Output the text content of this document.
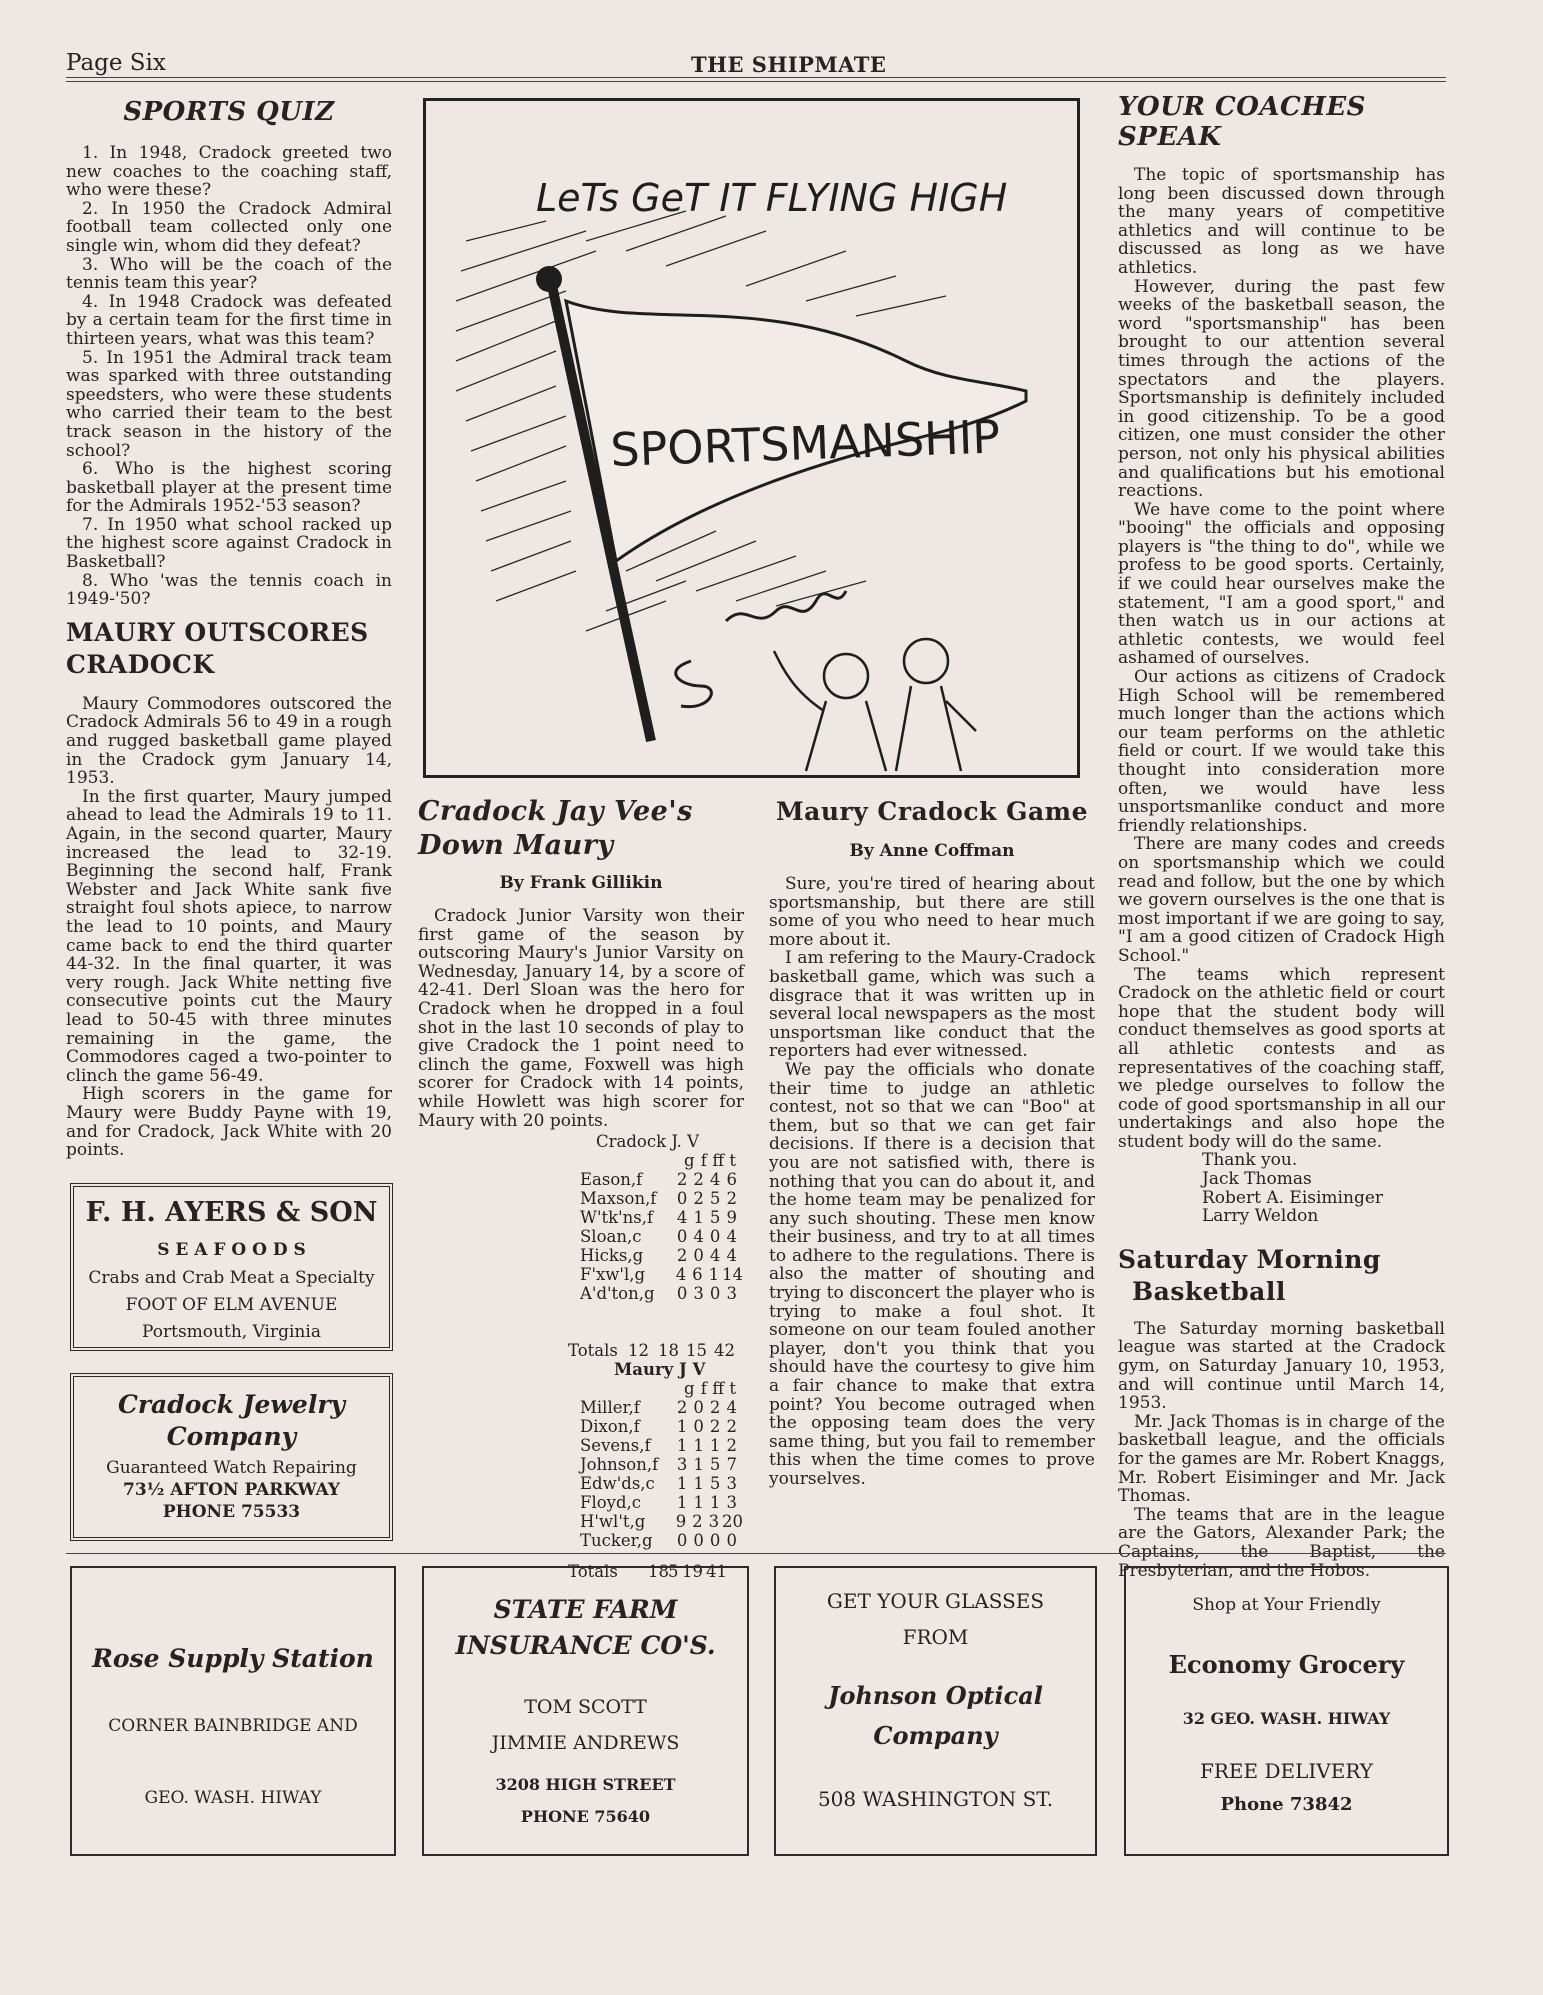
Page Six	THE SHIPMATE
SPORTS QUIZ

1. In 1948, Cradock greeted two new coaches to the coaching staff, who were these?

2. In 1950 the Cradock Admiral football team collected only one single win, whom did they defeat?

3. Who will be the coach of the tennis team this year?

4. In 1948 Cradock was defeated by a certain team for the first time in thirteen years, what was this team?

5. In 1951 the Admiral track team was sparked with three outstanding speedsters, who were these students who carried their team to the best track season in the history of the school?

6. Who is the highest scoring basketball player at the present time for the Admirals 1952-'53 season?

7. In 1950 what school racked up the highest score against Cradock in Basketball?

8. Who 'was the tennis coach in 1949-'50?

MAURY OUTSCORES CRADOCK

Maury Commodores outscored the Cradock Admirals 56 to 49 in a rough and rugged basketball game played in the Cradock gym January 14, 1953.

In the first quarter, Maury jumped ahead to lead the Admirals 19 to 11. Again, in the second quarter, Maury increased the lead to 32-19. Beginning the second half, Frank Webster and Jack White sank five straight foul shots apiece, to narrow the lead to 10 points, and Maury came back to end the third quarter 44-32. In the final quarter, it was very rough. Jack White netting five consecutive points cut the Maury lead to 50-45 with three minutes remaining in the game, the Commodores caged a two-pointer to clinch the game 56-49.

High scorers in the game for Maury were Buddy Payne with 19, and for Cradock, Jack White with 20 points.

F. H. AYERS & SON
S E A F O O D S
Crabs and Crab Meat a Specialty
FOOT OF ELM AVENUE
Portsmouth, Virginia
Cradock Jewelry
Company
Guaranteed Watch Repairing
73½ AFTON PARKWAY
PHONE 75533
LeTs GeT IT FLYING HIGH
SPORTSMANSHIP
Cradock Jay Vee's
Down Maury
By Frank Gillikin

Cradock Junior Varsity won their first game of the season by outscoring Maury's Junior Varsity on Wednesday, January 14, by a score of 42-41. Derl Sloan was the hero for Cradock when he dropped in a foul shot in the last 10 seconds of play to give Cradock the 1 point need to clinch the game, Foxwell was high scorer for Cradock with 14 points, while Howlett was high scorer for Maury with 20 points.

Cradock J. V
g f ff t
Eason,f	2 2 4 6
Maxson,f	0 2 5 2
W'tk'ns,f	4 1 5 9
Sloan,c	0 4 0 4
Hicks,g	2 0 4 4
F'xw'l,g	4 6 1 14
A'd'ton,g	0 3 0 3
Totals 12 18 15 42
Maury J V
g f ff t
Miller,f	2 0 2 4
Dixon,f	1 0 2 2
Sevens,f	1 1 1 2
Johnson,f	3 1 5 7
Edw'ds,c	1 1 5 3
Floyd,c	1 1 1 3
H'wl't,g	9 2 3 20
Tucker,g	0 0 0 0
Totals	18 5 19 41
Maury Cradock Game
By Anne Coffman

Sure, you're tired of hearing about sportsmanship, but there are still some of you who need to hear much more about it.

I am refering to the Maury-Cradock basketball game, which was such a disgrace that it was written up in several local newspapers as the most unsportsman like conduct that the reporters had ever witnessed.

We pay the officials who donate their time to judge an athletic contest, not so that we can "Boo" at them, but so that we can get fair decisions. If there is a decision that you are not satisfied with, there is nothing that you can do about it, and the home team may be penalized for any such shouting. These men know their business, and try to at all times to adhere to the regulations. There is also the matter of shouting and trying to disconcert the player who is trying to make a foul shot. It someone on our team fouled another player, don't you think that you should have the courtesy to give him a fair chance to make that extra point? You become outraged when the opposing team does the very same thing, but you fail to remember this when the time comes to prove yourselves.

YOUR COACHES
SPEAK

The topic of sportsmanship has long been discussed down through the many years of competitive athletics and will continue to be discussed as long as we have athletics.

However, during the past few weeks of the basketball season, the word "sportsmanship" has been brought to our attention several times through the actions of the spectators and the players. Sportsmanship is definitely included in good citizenship. To be a good citizen, one must consider the other person, not only his physical abilities and qualifications but his emotional reactions.

We have come to the point where "booing" the officials and opposing players is "the thing to do", while we profess to be good sports. Certainly, if we could hear ourselves make the statement, "I am a good sport," and then watch us in our actions at athletic contests, we would feel ashamed of ourselves.

Our actions as citizens of Cradock High School will be remembered much longer than the actions which our team performs on the athletic field or court. If we would take this thought into consideration more often, we would have less unsportsmanlike conduct and more friendly relationships.

There are many codes and creeds on sportsmanship which we could read and follow, but the one by which we govern ourselves is the one that is most important if we are going to say, "I am a good citizen of Cradock High School."

The teams which represent Cradock on the athletic field or court hope that the student body will conduct themselves as good sports at all athletic contests and as representatives of the coaching staff, we pledge ourselves to follow the code of good sportsmanship in all our undertakings and also hope the student body will do the same.

Thank you.

Jack Thomas

Robert A. Eisiminger

Larry Weldon

Saturday Morning
Basketball

The Saturday morning basketball league was started at the Cradock gym, on Saturday January 10, 1953, and will continue until March 14, 1953.

Mr. Jack Thomas is in charge of the basketball league, and the officials for the games are Mr. Robert Knaggs, Mr. Robert Eisiminger and Mr. Jack Thomas.

The teams that are in the league are the Gators, Alexander Park; the Captains, the Baptist, the Presbyterian, and the Hobos.

Rose Supply Station
CORNER BAINBRIDGE AND
GEO. WASH. HIWAY
STATE FARM
INSURANCE CO'S.
TOM SCOTT
JIMMIE ANDREWS
3208 HIGH STREET
PHONE 75640
GET YOUR GLASSES
FROM
Johnson Optical
Company
508 WASHINGTON ST.
Shop at Your Friendly
Economy Grocery
32 GEO. WASH. HIWAY
FREE DELIVERY
Phone 73842
